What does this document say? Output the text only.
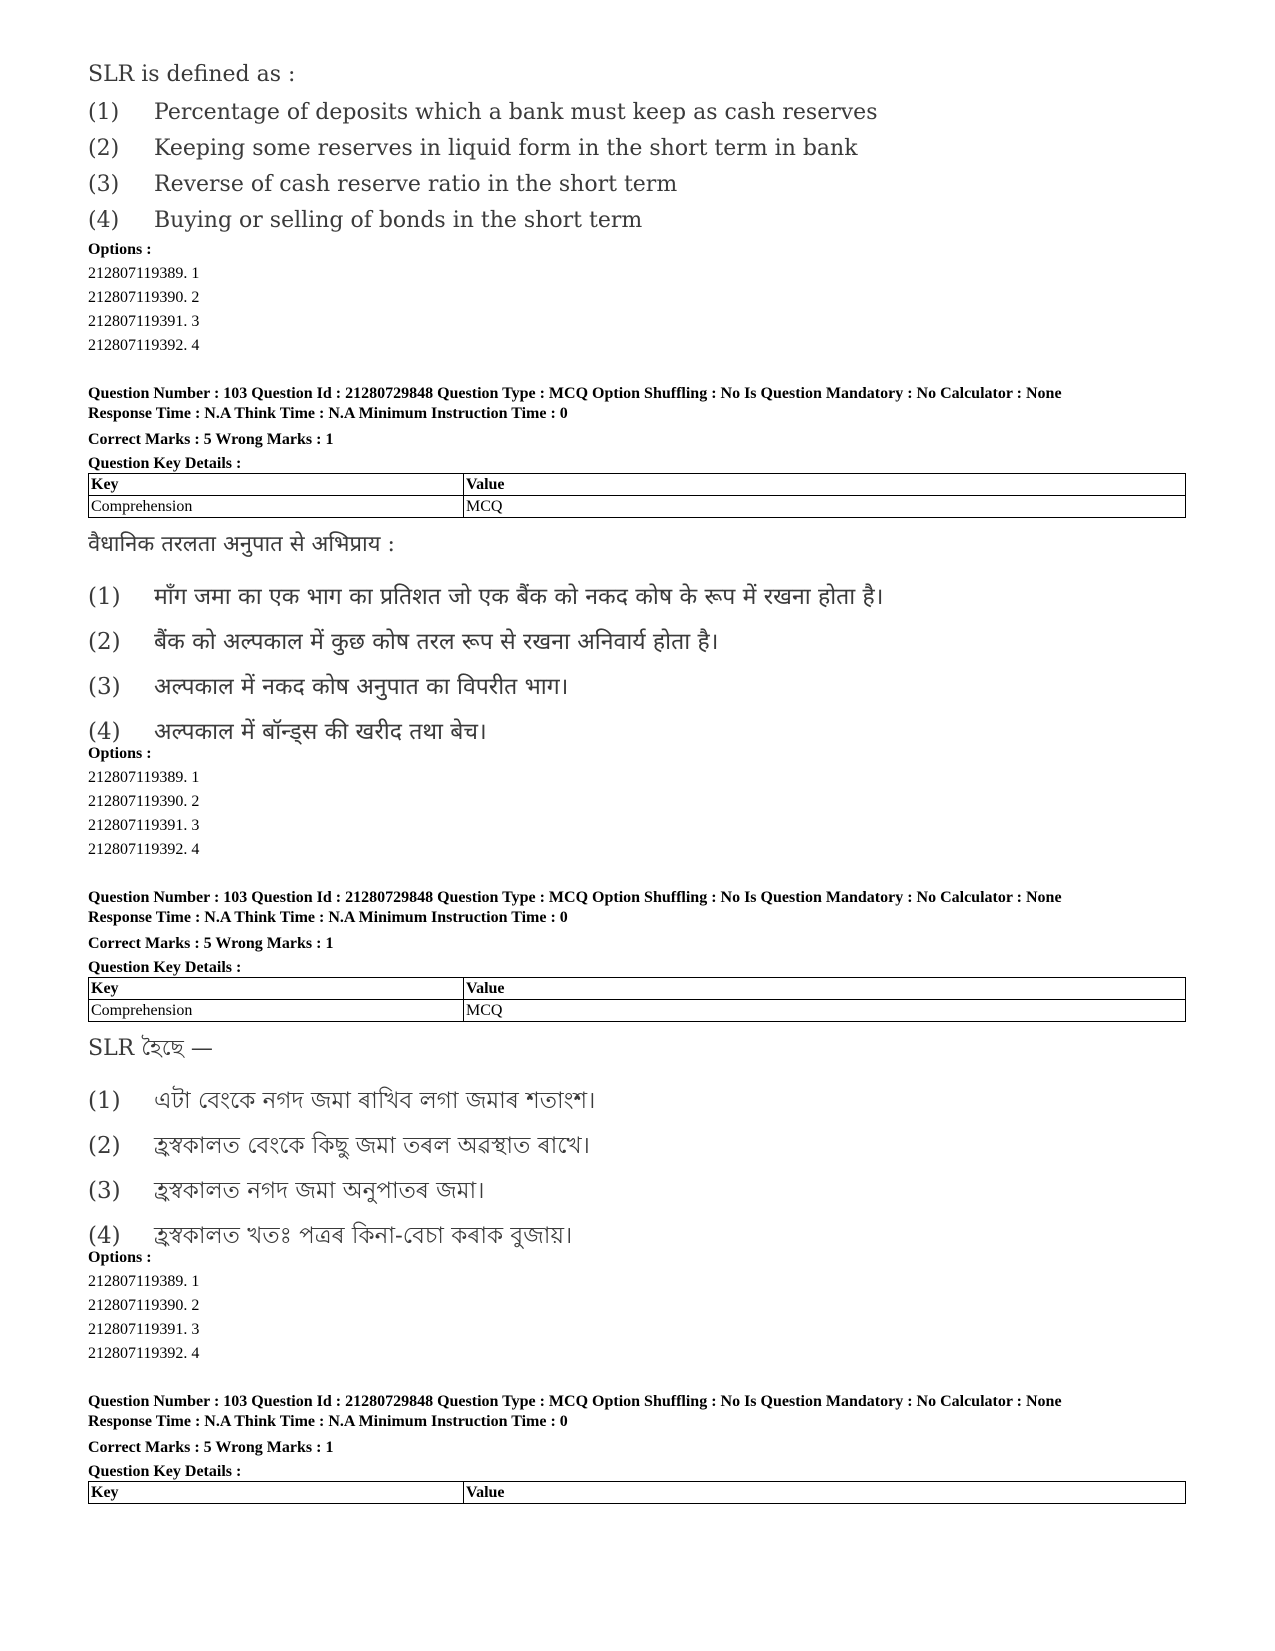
SLR is defined as :
(1)	Percentage of deposits which a bank must keep as cash reserves
(2)	Keeping some reserves in liquid form in the short term in bank
(3)	Reverse of cash reserve ratio in the short term
(4)	Buying or selling of bonds in the short term
Options :
212807119389. 1
212807119390. 2
212807119391. 3
212807119392. 4
Question Number : 103 Question Id : 21280729848 Question Type : MCQ Option Shuffling : No Is Question Mandatory : No Calculator : None
Response Time : N.A Think Time : N.A Minimum Instruction Time : 0
Correct Marks : 5 Wrong Marks : 1
Question Key Details :
Key	Value
Comprehension	MCQ
वैधानिक तरलता अनुपात से अभिप्राय :
(1)	माँग जमा का एक भाग का प्रतिशत जो एक बैंक को नकद कोष के रूप में रखना होता है।
(2)	बैंक को अल्पकाल में कुछ कोष तरल रूप से रखना अनिवार्य होता है।
(3)	अल्पकाल में नकद कोष अनुपात का विपरीत भाग।
(4)	अल्पकाल में बॉन्ड्स की खरीद तथा बेच।
Options :
212807119389. 1
212807119390. 2
212807119391. 3
212807119392. 4
Question Number : 103 Question Id : 21280729848 Question Type : MCQ Option Shuffling : No Is Question Mandatory : No Calculator : None
Response Time : N.A Think Time : N.A Minimum Instruction Time : 0
Correct Marks : 5 Wrong Marks : 1
Question Key Details :
Key	Value
Comprehension	MCQ
SLR হৈছে —
(1)	এটা বেংকে নগদ জমা ৰাখিব লগা জমাৰ শতাংশ।
(2)	হ্ৰস্বকালত বেংকে কিছু জমা তৰল অৱস্থাত ৰাখে।
(3)	হ্ৰস্বকালত নগদ জমা অনুপাতৰ জমা।
(4)	হ্ৰস্বকালত খতঃ পত্ৰৰ কিনা-বেচা কৰাক বুজায়।
Options :
212807119389. 1
212807119390. 2
212807119391. 3
212807119392. 4
Question Number : 103 Question Id : 21280729848 Question Type : MCQ Option Shuffling : No Is Question Mandatory : No Calculator : None
Response Time : N.A Think Time : N.A Minimum Instruction Time : 0
Correct Marks : 5 Wrong Marks : 1
Question Key Details :
Key	Value
